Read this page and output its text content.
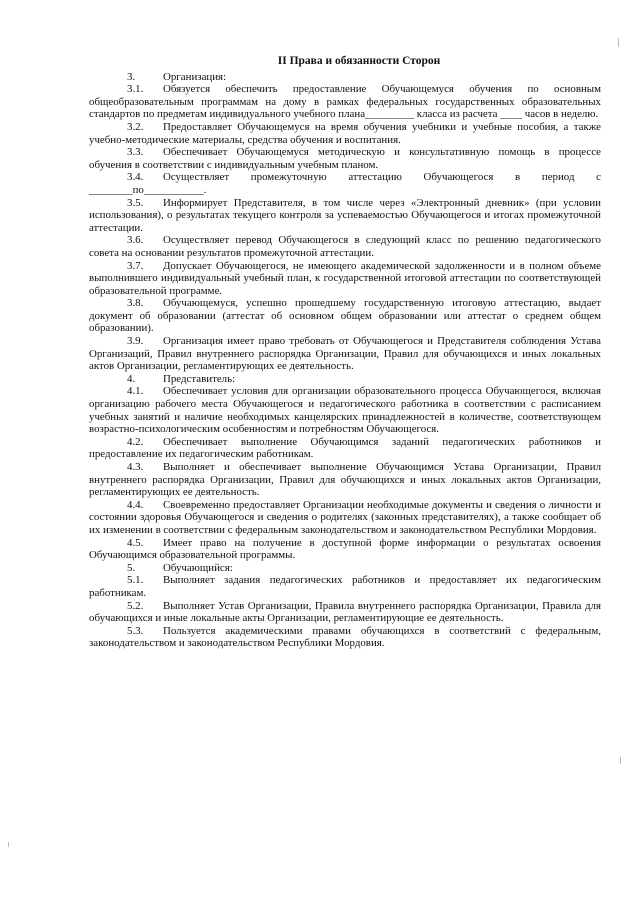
II Права и обязанности Сторон

3.	Организация:

3.1. Обязуется обеспечить предоставление Обучающемуся обучения по основным общеобразовательным программам на дому в рамках федеральных государственных образовательных стандартов по предметам индивидуального учебного плана_________ класса из расчета ____ часов в неделю.

3.2. Предоставляет Обучающемуся на время обучения учебники и учебные пособия, а также учебно-методические материалы, средства обучения и воспитания.

3.3. Обеспечивает Обучающемуся методическую и консультативную помощь в процессе обучения в соответствии с индивидуальным учебным планом.

3.4. Осуществляет промежуточную аттестацию Обучающегося в период с ________по___________.

3.5. Информирует Представителя, в том числе через «Электронный дневник» (при условии использования), о результатах текущего контроля за успеваемостью Обучающегося и итогах промежуточной аттестации.

3.6. Осуществляет перевод Обучающегося в следующий класс по решению педагогического совета на основании результатов промежуточной аттестации.

3.7. Допускает Обучающегося, не имеющего академической задолженности и в полном объеме выполнившего индивидуальный учебный план, к государственной итоговой аттестации по соответствующей образовательной программе.

3.8. Обучающемуся, успешно прошедшему государственную итоговую аттестацию, выдает документ об образовании (аттестат об основном общем образовании или аттестат о среднем общем образовании).

3.9. Организация имеет право требовать от Обучающегося и Представителя соблюдения Устава Организаций, Правил внутреннего распорядка Организации, Правил для обучающихся и иных локальных актов Организации, регламентирующих ее деятельность.

4.	Представитель:

4.1. Обеспечивает условия для организации образовательного процесса Обучающегося, включая организацию рабочего места Обучающегося и педагогического работника в соответствии с расписанием учебных занятий и наличие необходимых канцелярских принадлежностей в количестве, соответствующем возрастно-психологическим особенностям и потребностям Обучающегося.

4.2. Обеспечивает выполнение Обучающимся заданий педагогических работников и предоставление их педагогическим работникам.

4.3. Выполняет и обеспечивает выполнение Обучающимся Устава Организации, Правил внутреннего распорядка Организации, Правил для обучающихся и иных локальных актов Организации, регламентирующих ее деятельность.

4.4. Своевременно предоставляет Организации необходимые документы и сведения о личности и состоянии здоровья Обучающегося и сведения о родителях (законных представителях), а также сообщает об их изменении в соответствии с федеральным законодательством и законодательством Республики Мордовия.

4.5. Имеет право на получение в доступной форме информации о результатах освоения Обучающимся образовательной программы.

5.	Обучающийся:

5.1. Выполняет задания педагогических работников и предоставляет их педагогическим работникам.

5.2. Выполняет Устав Организации, Правила внутреннего распорядка Организации, Правила для обучающихся и иные локальные акты Организации, регламентирующие ее деятельность.

5.3. Пользуется академическими правами обучающихся в соответствий с федеральным, законодательством и законодательством Республики Мордовия.
